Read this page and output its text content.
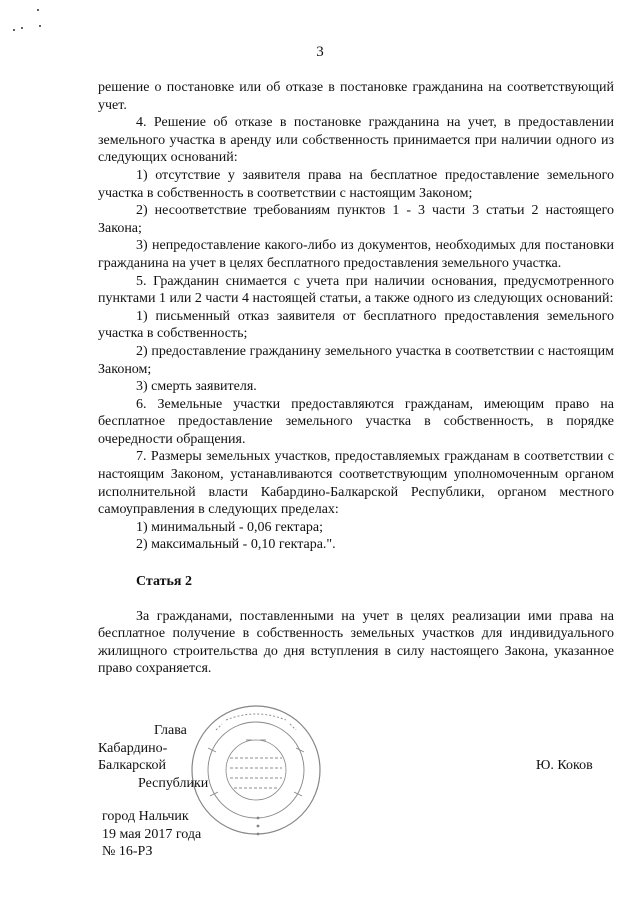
3

решение о постановке или об отказе в постановке гражданина на соответствующий учет.

4. Решение об отказе в постановке гражданина на учет, в предоставлении земельного участка в аренду или собственность принимается при наличии одного из следующих оснований:

1) отсутствие у заявителя права на бесплатное предоставление земельного участка в собственность в соответствии с настоящим Законом;

2) несоответствие требованиям пунктов 1 - 3 части 3 статьи 2 настоящего Закона;

3) непредоставление какого-либо из документов, необходимых для постановки гражданина на учет в целях бесплатного предоставления земельного участка.

5. Гражданин снимается с учета при наличии основания, предусмотренного пунктами 1 или 2 части 4 настоящей статьи, а также одного из следующих оснований:

1) письменный отказ заявителя от бесплатного предоставления земельного участка в собственность;

2) предоставление гражданину земельного участка в соответствии с настоящим Законом;

3) смерть заявителя.

6. Земельные участки предоставляются гражданам, имеющим право на бесплатное предоставление земельного участка в собственность, в порядке очередности обращения.

7. Размеры земельных участков, предоставляемых гражданам в соответствии с настоящим Законом, устанавливаются соответствующим уполномоченным органом исполнительной власти Кабардино-Балкарской Республики, органом местного самоуправления в следующих пределах:

1) минимальный - 0,06 гектара;

2) максимальный - 0,10 гектара.".

Статья 2

За гражданами, поставленными на учет в целях реализации ими права на бесплатное получение в собственность земельных участков для индивидуального жилищного строительства до дня вступления в силу настоящего Закона, указанное право сохраняется.

Глава
Кабардино-Балкарской
Республики
Ю. Коков
город Нальчик
19 мая 2017 года
№ 16-РЗ
